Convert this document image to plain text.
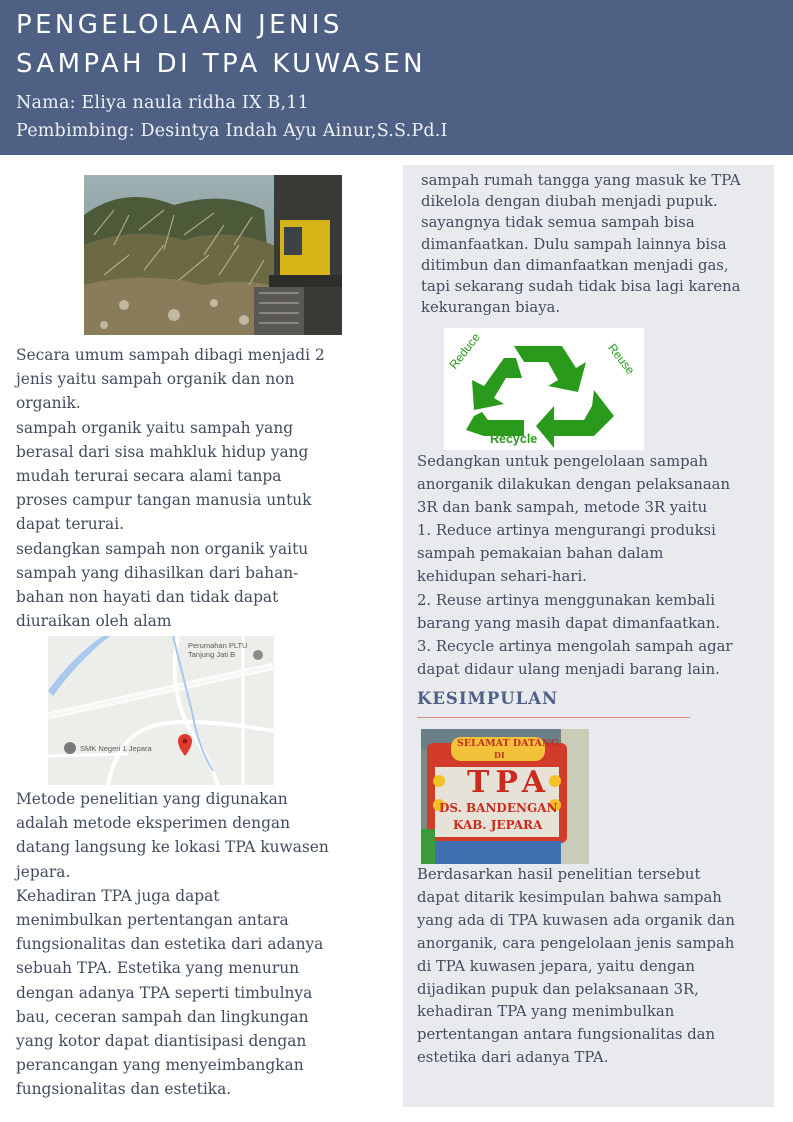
PENGELOLAAN JENIS
SAMPAH DI TPA KUWASEN
Nama: Eliya naula ridha IX B,11
Pembimbing: Desintya Indah Ayu Ainur,S.S.Pd.I

Secara umum sampah dibagi menjadi 2
jenis yaitu sampah organik dan non
organik.
sampah organik yaitu sampah yang
berasal dari sisa mahkluk hidup yang
mudah terurai secara alami tanpa
proses campur tangan manusia untuk
dapat terurai.
sedangkan sampah non organik yaitu
sampah yang dihasilkan dari bahan-
bahan non hayati dan tidak dapat
diuraikan oleh alam

Perumahan PLTU
Tanjung Jati B
SMK Negeri 1 Jepara

Metode penelitian yang digunakan
adalah metode eksperimen dengan
datang langsung ke lokasi TPA kuwasen
jepara.
Kehadiran TPA juga dapat
menimbulkan pertentangan antara
fungsionalitas dan estetika dari adanya
sebuah TPA. Estetika yang menurun
dengan adanya TPA seperti timbulnya
bau, ceceran sampah dan lingkungan
yang kotor dapat diantisipasi dengan
perancangan yang menyeimbangkan
fungsionalitas dan estetika.

sampah rumah tangga yang masuk ke TPA
dikelola dengan diubah menjadi pupuk.
sayangnya tidak semua sampah bisa
dimanfaatkan. Dulu sampah lainnya bisa
ditimbun dan dimanfaatkan menjadi gas,
tapi sekarang sudah tidak bisa lagi karena
kekurangan biaya.

Reduce	Reuse
Recycle

Sedangkan untuk pengelolaan sampah
anorganik dilakukan dengan pelaksanaan
3R dan bank sampah, metode 3R yaitu
1. Reduce artinya mengurangi produksi
sampah pemakaian bahan dalam
kehidupan sehari-hari.
2. Reuse artinya menggunakan kembali
barang yang masih dapat dimanfaatkan.
3. Recycle artinya mengolah sampah agar
dapat didaur ulang menjadi barang lain.

KESIMPULAN
SELAMAT DATANG
DI
TPA
DS. BANDENGAN
KAB. JEPARA

Berdasarkan hasil penelitian tersebut
dapat ditarik kesimpulan bahwa sampah
yang ada di TPA kuwasen ada organik dan
anorganik, cara pengelolaan jenis sampah
di TPA kuwasen jepara, yaitu dengan
dijadikan pupuk dan pelaksanaan 3R,
kehadiran TPA yang menimbulkan
pertentangan antara fungsionalitas dan
estetika dari adanya TPA.
